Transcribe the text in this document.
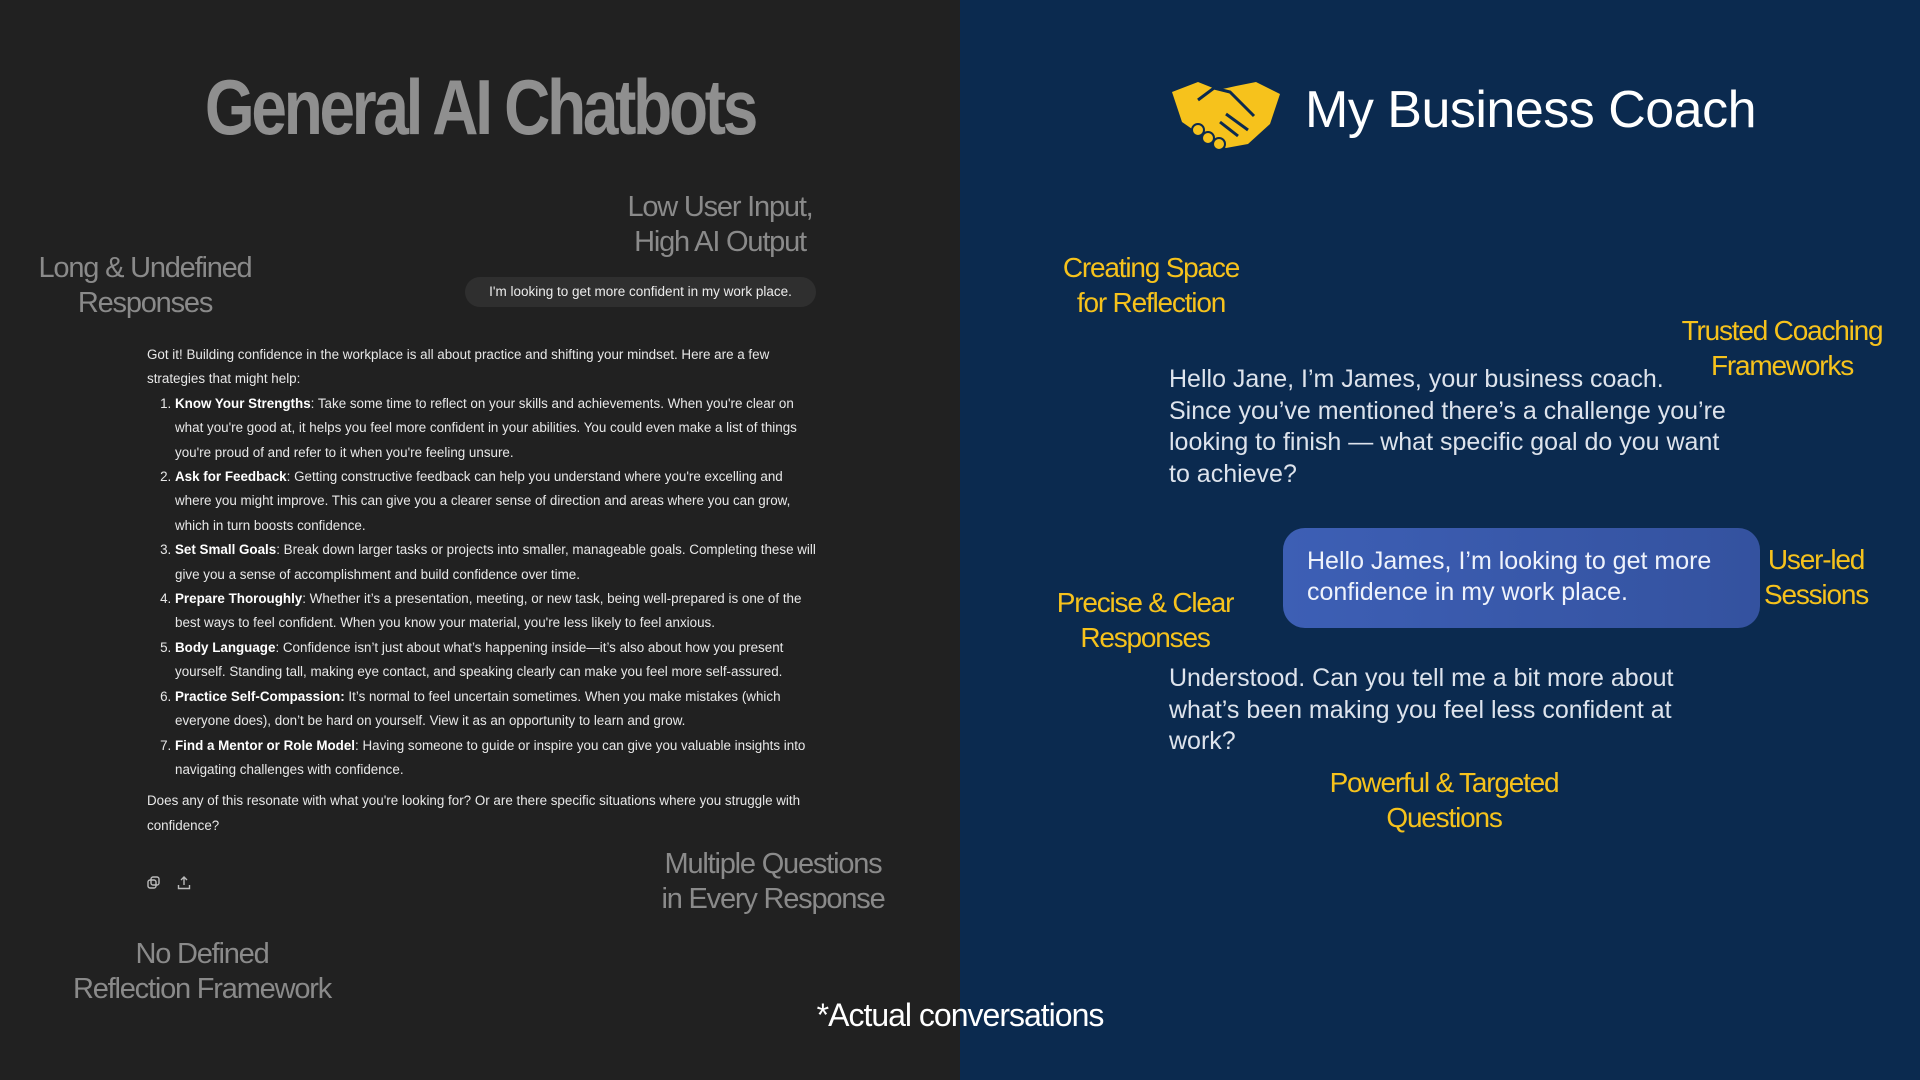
General AI Chatbots
Low User Input,
High AI Output
Long & Undefined
Responses	I'm looking to get more confident in my work place.

Got it! Building confidence in the workplace is all about practice and shifting your mindset. Here are a few strategies that might help:

1. Know Your Strengths: Take some time to reflect on your skills and achievements. When you're clear on what you're good at, it helps you feel more confident in your abilities. You could even make a list of things you're proud of and refer to it when you're feeling unsure.
2. Ask for Feedback: Getting constructive feedback can help you understand where you're excelling and where you might improve. This can give you a clearer sense of direction and areas where you can grow, which in turn boosts confidence.
3. Set Small Goals: Break down larger tasks or projects into smaller, manageable goals. Completing these will give you a sense of accomplishment and build confidence over time.
4. Prepare Thoroughly: Whether it’s a presentation, meeting, or new task, being well-prepared is one of the best ways to feel confident. When you know your material, you're less likely to feel anxious.
5. Body Language: Confidence isn’t just about what’s happening inside—it’s also about how you present yourself. Standing tall, making eye contact, and speaking clearly can make you feel more self-assured.
6. Practice Self-Compassion: It’s normal to feel uncertain sometimes. When you make mistakes (which everyone does), don’t be hard on yourself. View it as an opportunity to learn and grow.
7. Find a Mentor or Role Model: Having someone to guide or inspire you can give you valuable insights into navigating challenges with confidence.

Does any of this resonate with what you're looking for? Or are there specific situations where you struggle with confidence?

Multiple Questions
in Every Response
No Defined
Reflection Framework
My Business Coach
Creating Space
for Reflection
Trusted Coaching
Frameworks
Hello Jane, I’m James, your business coach. Since you’ve mentioned there’s a challenge you’re looking to finish — what specific goal do you want to achieve?
Hello James, I’m looking to get more confidence in my work place.
User-led
Sessions
Precise & Clear
Responses
Understood. Can you tell me a bit more about what’s been making you feel less confident at work?
Powerful & Targeted
Questions
*Actual conversations
